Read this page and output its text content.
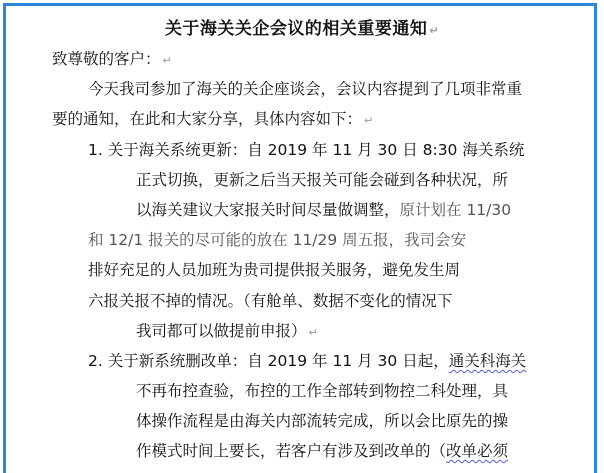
关于海关关企会议的相关重要通知 ↵
致尊敬的客户： ↵
今天我司参加了海关的关企座谈会，会议内容提到了几项非常重
要的通知，在此和大家分享，具体内容如下： ↵
1. 关于海关系统更新：自 2019 年 11 月 30 日 8:30 海关系统
正式切换，更新之后当天报关可能会碰到各种状况，所
以海关建议大家报关时间尽量做调整，原计划在 11/30
和 12/1 报关的尽可能的放在 11/29 周五报，我司会安
排好充足的人员加班为贵司提供报关服务，避免发生周
六报关报不掉的情况。（有舱单、数据不变化的情况下
我司都可以做提前申报） ↵
2. 关于新系统删改单：自 2019 年 11 月 30 日起，通关科海关
不再布控查验，布控的工作全部转到物控二科处理，具
体操作流程是由海关内部流转完成，所以会比原先的操
作模式时间上要长，若客户有涉及到改单的（改单必须
